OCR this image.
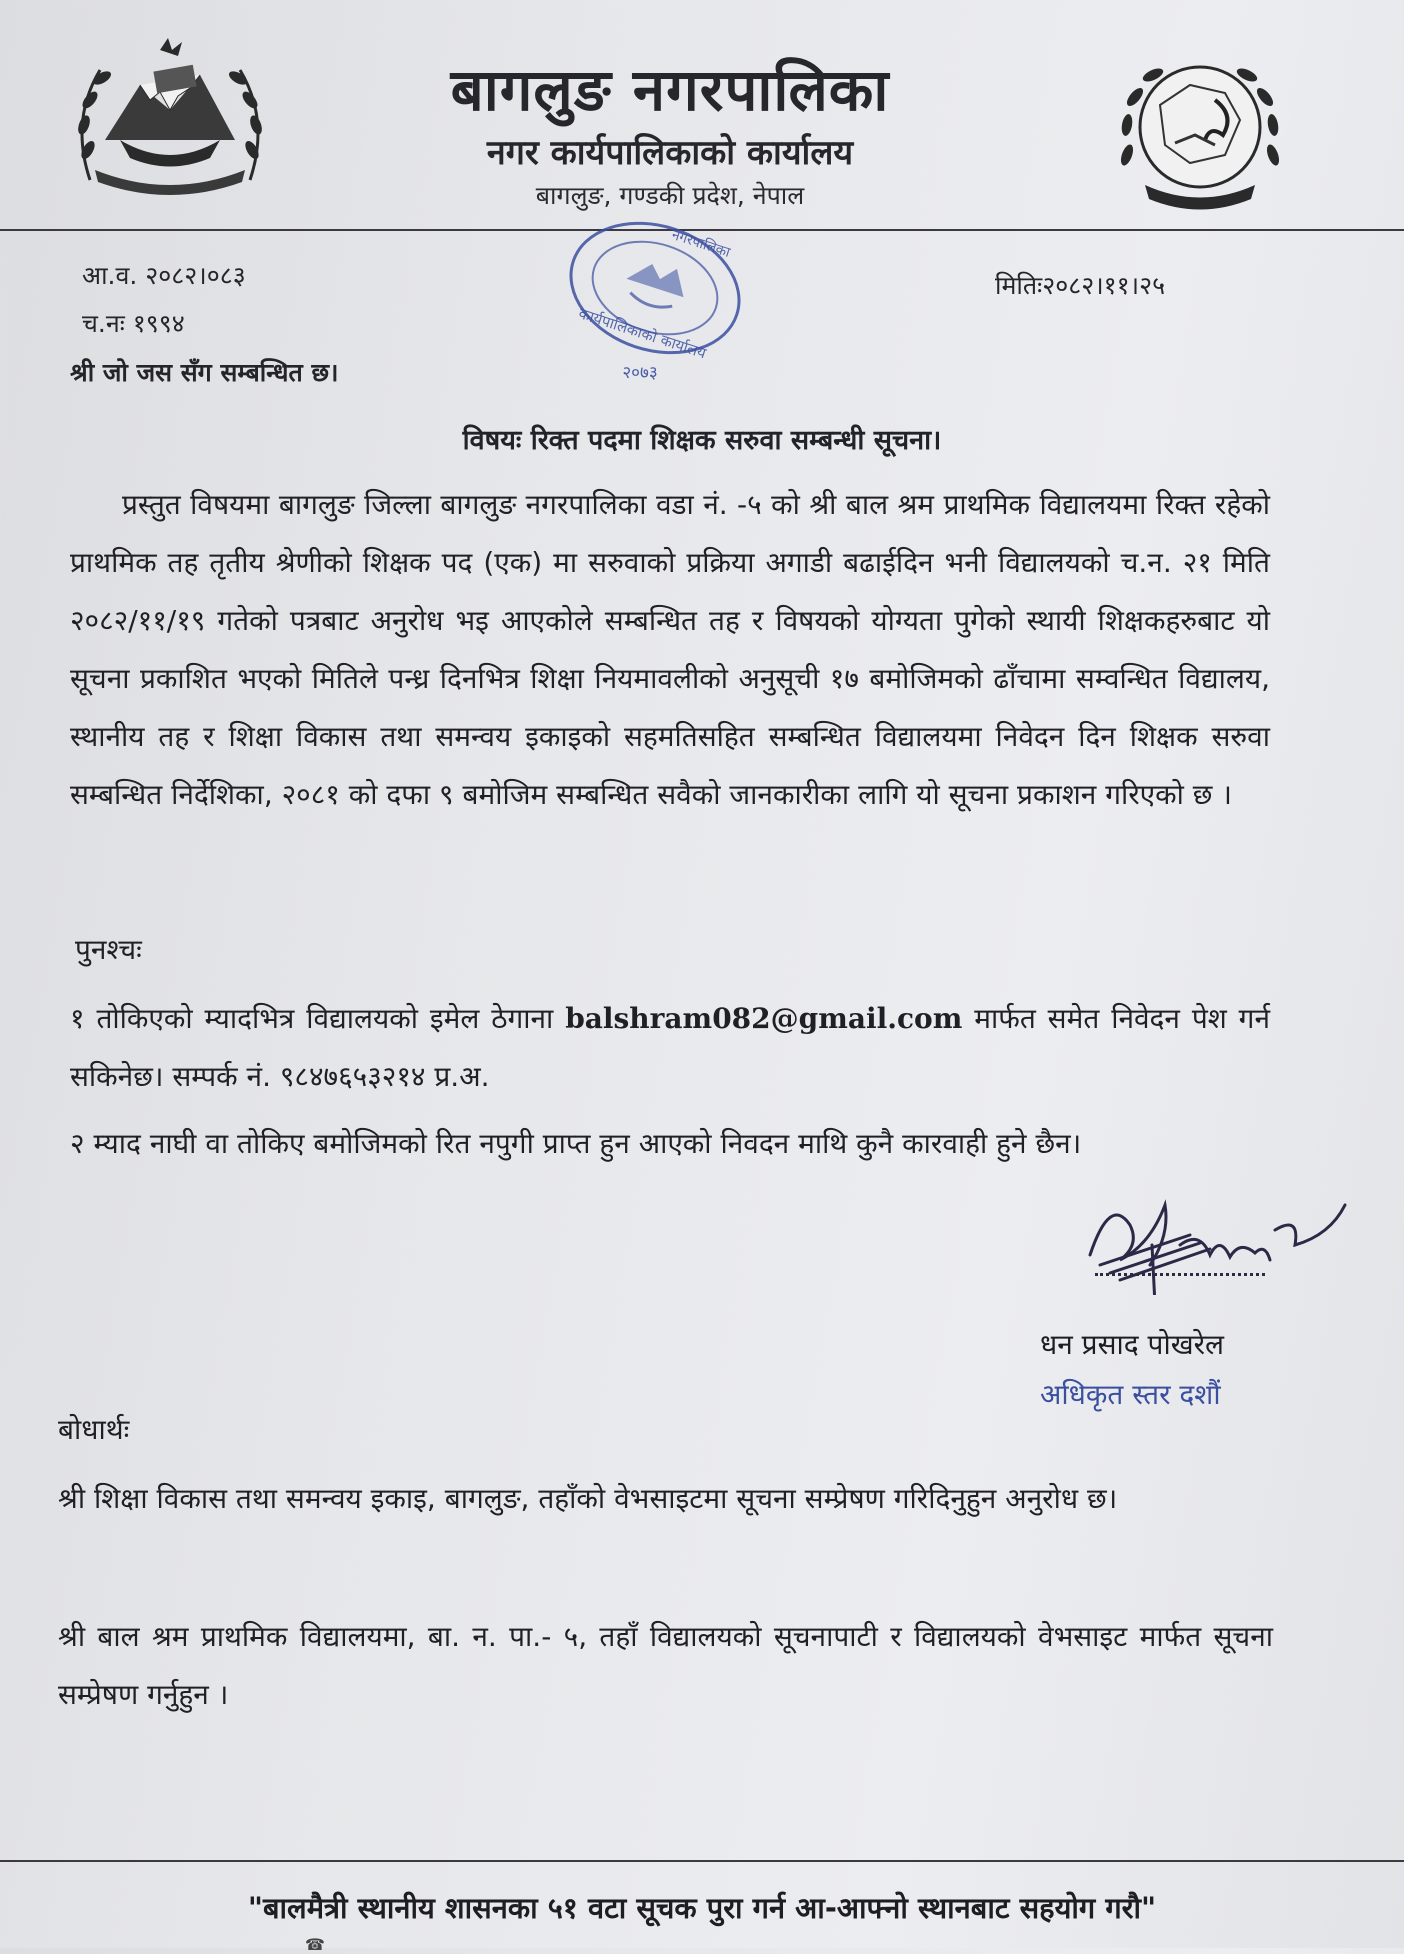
बागलुङ नगरपालिका
नगर कार्यपालिकाको कार्यालय
बागलुङ, गण्डकी प्रदेश, नेपाल
आ.व. २०८२।०८३
च.नः १९९४
श्री जो जस सँग सम्बन्धित छ।
मितिः२०८२।११।२५
कार्यपालिकाको कार्यालय
नगरपालिका
२०७३
विषयः रिक्त पदमा शिक्षक सरुवा सम्बन्धी सूचना।

प्रस्तुत विषयमा बागलुङ जिल्ला बागलुङ नगरपालिका वडा नं. -५ को श्री बाल श्रम प्राथमिक विद्यालयमा रिक्त रहेको प्राथमिक तह तृतीय श्रेणीको शिक्षक पद (एक) मा सरुवाको प्रक्रिया अगाडी बढाईदिन भनी विद्यालयको च.न. २१ मिति २०८२/११/१९ गतेको पत्रबाट अनुरोध भइ आएकोले सम्बन्धित तह र विषयको योग्यता पुगेको स्थायी शिक्षकहरुबाट यो सूचना प्रकाशित भएको मितिले पन्ध्र दिनभित्र शिक्षा नियमावलीको अनुसूची १७ बमोजिमको ढाँचामा सम्वन्धित विद्यालय, स्थानीय तह र शिक्षा विकास तथा समन्वय इकाइको सहमतिसहित सम्बन्धित विद्यालयमा निवेदन दिन शिक्षक सरुवा सम्बन्धित निर्देशिका, २०८१ को दफा ९ बमोजिम सम्बन्धित सवैको जानकारीका लागि यो सूचना प्रकाशन गरिएको छ ।

पुनश्चः

१ तोकिएको म्यादभित्र विद्यालयको इमेल ठेगाना balshram082@gmail.com मार्फत समेत निवेदन पेश गर्न सकिनेछ। सम्पर्क नं. ९८४७६५३२१४ प्र.अ.

२ म्याद नाघी वा तोकिए बमोजिमको रित नपुगी प्राप्त हुन आएको निवदन माथि कुनै कारवाही हुने छैन।

धन प्रसाद पोखरेल
अधिकृत स्तर दशौं
बोधार्थः

श्री शिक्षा विकास तथा समन्वय इकाइ, बागलुङ, तहाँको वेभसाइटमा सूचना सम्प्रेषण गरिदिनुहुन अनुरोध छ।

श्री बाल श्रम प्राथमिक विद्यालयमा, बा. न. पा.- ५, तहाँ विद्यालयको सूचनापाटी र विद्यालयको वेभसाइट मार्फत सूचना सम्प्रेषण गर्नुहुन ।

"बालमैत्री स्थानीय शासनका ५१ वटा सूचक पुरा गर्न आ-आफ्नो स्थानबाट सहयोग गरौ"
☎
